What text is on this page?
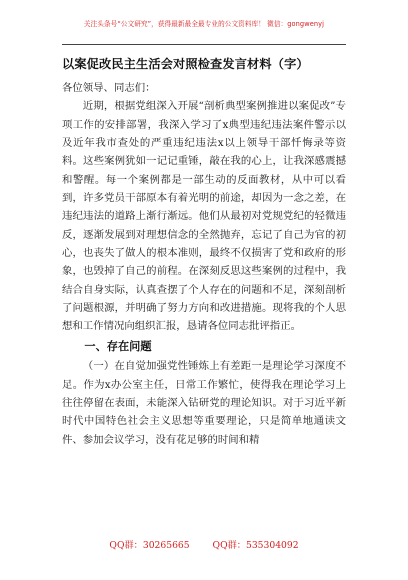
关注头条号“公文研究”，获得最新最全最专业的公文资料库！ 微信：gongwenyj
以案促改民主生活会对照检查发言材料（字）

各位领导、同志们：

近期，根据党组深入开展“剖析典型案例推进以案促改”专项工作的安排部署，我深入学习了x典型违纪违法案件警示以及近年我市查处的严重违纪违法x以上领导干部忏悔录等资料。这些案例犹如一记记重锤，敲在我的心上，让我深感震撼和警醒。每一个案例都是一部生动的反面教材，从中可以看到，许多党员干部原本有着光明的前途，却因为一念之差，在违纪违法的道路上渐行渐远。他们从最初对党规党纪的轻微违反，逐渐发展到对理想信念的全然抛弃，忘记了自己为官的初心，也丧失了做人的根本准则，最终不仅损害了党和政府的形象，也毁掉了自己的前程。在深刻反思这些案例的过程中，我结合自身实际，认真查摆了个人存在的问题和不足，深刻剖析了问题根源，并明确了努力方向和改进措施。现将我的个人思想和工作情况向组织汇报，恳请各位同志批评指正。

一、存在问题

（一）在自觉加强党性锤炼上有差距一是理论学习深度不足。作为x办公室主任，日常工作繁忙，使得我在理论学习上往往停留在表面，未能深入钻研党的理论知识。对于习近平新时代中国特色社会主义思想等重要理论，只是简单地通读文件、参加会议学习，没有花足够的时间和精

QQ群：30265665 QQ群：535304092
